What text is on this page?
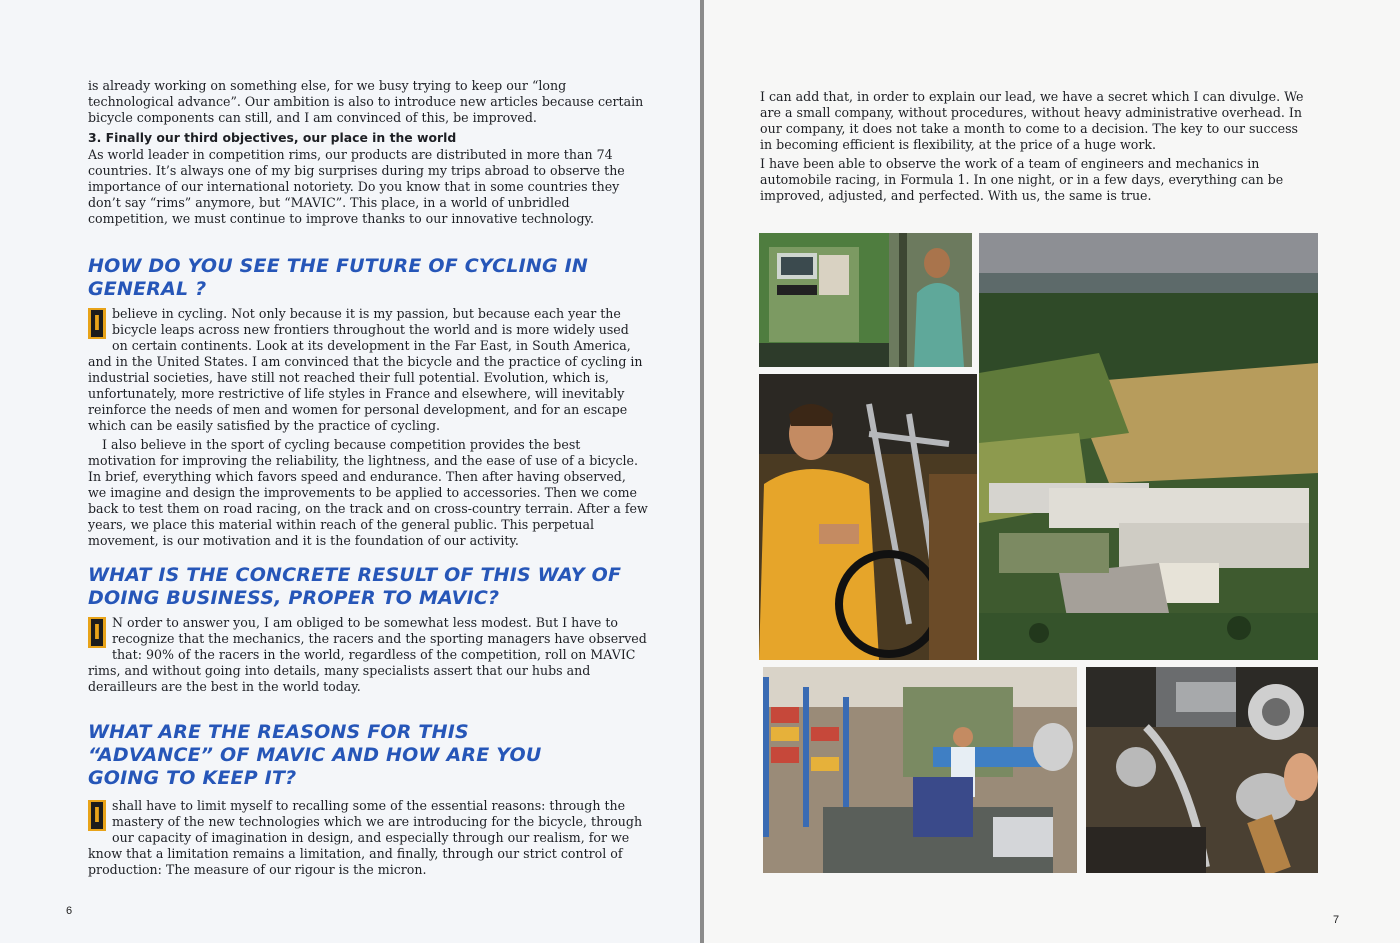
is already working on something else, for we busy trying to keep our “long technological advance”. Our ambition is also to introduce new articles because certain bicycle components can still, and I am convinced of this, be improved.

3. Finally our third objectives, our place in the world

As world leader in competition rims, our products are distributed in more than 74 countries. It’s always one of my big surprises during my trips abroad to observe the importance of our international notoriety. Do you know that in some countries they don’t say “rims” anymore, but “MAVIC”. This place, in a world of unbridled competition, we must continue to improve thanks to our innovative technology.

HOW DO YOU SEE THE FUTURE OF CYCLING IN GENERAL ?

I believe in cycling. Not only because it is my passion, but because each year the bicycle leaps across new frontiers throughout the world and is more widely used on certain continents. Look at its development in the Far East, in South America, and in the United States. I am convinced that the bicycle and the practice of cycling in industrial societies, have still not reached their full potential. Evolution, which is, unfortunately, more restrictive of life styles in France and elsewhere, will inevitably reinforce the needs of men and women for personal development, and for an escape which can be easily satisfied by the practice of cycling.

I also believe in the sport of cycling because competition provides the best motivation for improving the reliability, the lightness, and the ease of use of a bicycle. In brief, everything which favors speed and endurance. Then after having observed, we imagine and design the improvements to be applied to accessories. Then we come back to test them on road racing, on the track and on cross-country terrain. After a few years, we place this material within reach of the general public. This perpetual movement, is our motivation and it is the foundation of our activity.

WHAT IS THE CONCRETE RESULT OF THIS WAY OF DOING BUSINESS, PROPER TO MAVIC?

I N order to answer you, I am obliged to be somewhat less modest. But I have to recognize that the mechanics, the racers and the sporting managers have observed that: 90% of the racers in the world, regardless of the competition, roll on MAVIC rims, and without going into details, many specialists assert that our hubs and derailleurs are the best in the world today.

WHAT ARE THE REASONS FOR THIS “ADVANCE” OF MAVIC AND HOW ARE YOU GOING TO KEEP IT?

I shall have to limit myself to recalling some of the essential reasons: through the mastery of the new technologies which we are introducing for the bicycle, through our capacity of imagination in design, and especially through our realism, for we know that a limitation remains a limitation, and finally, through our strict control of production: The measure of our rigour is the micron.

6

I can add that, in order to explain our lead, we have a secret which I can divulge. We are a small company, without procedures, without heavy administrative overhead. In our company, it does not take a month to come to a decision. The key to our success in becoming efficient is flexibility, at the price of a huge work.

I have been able to observe the work of a team of engineers and mechanics in automobile racing, in Formula 1. In one night, or in a few days, everything can be improved, adjusted, and perfected. With us, the same is true.

7
